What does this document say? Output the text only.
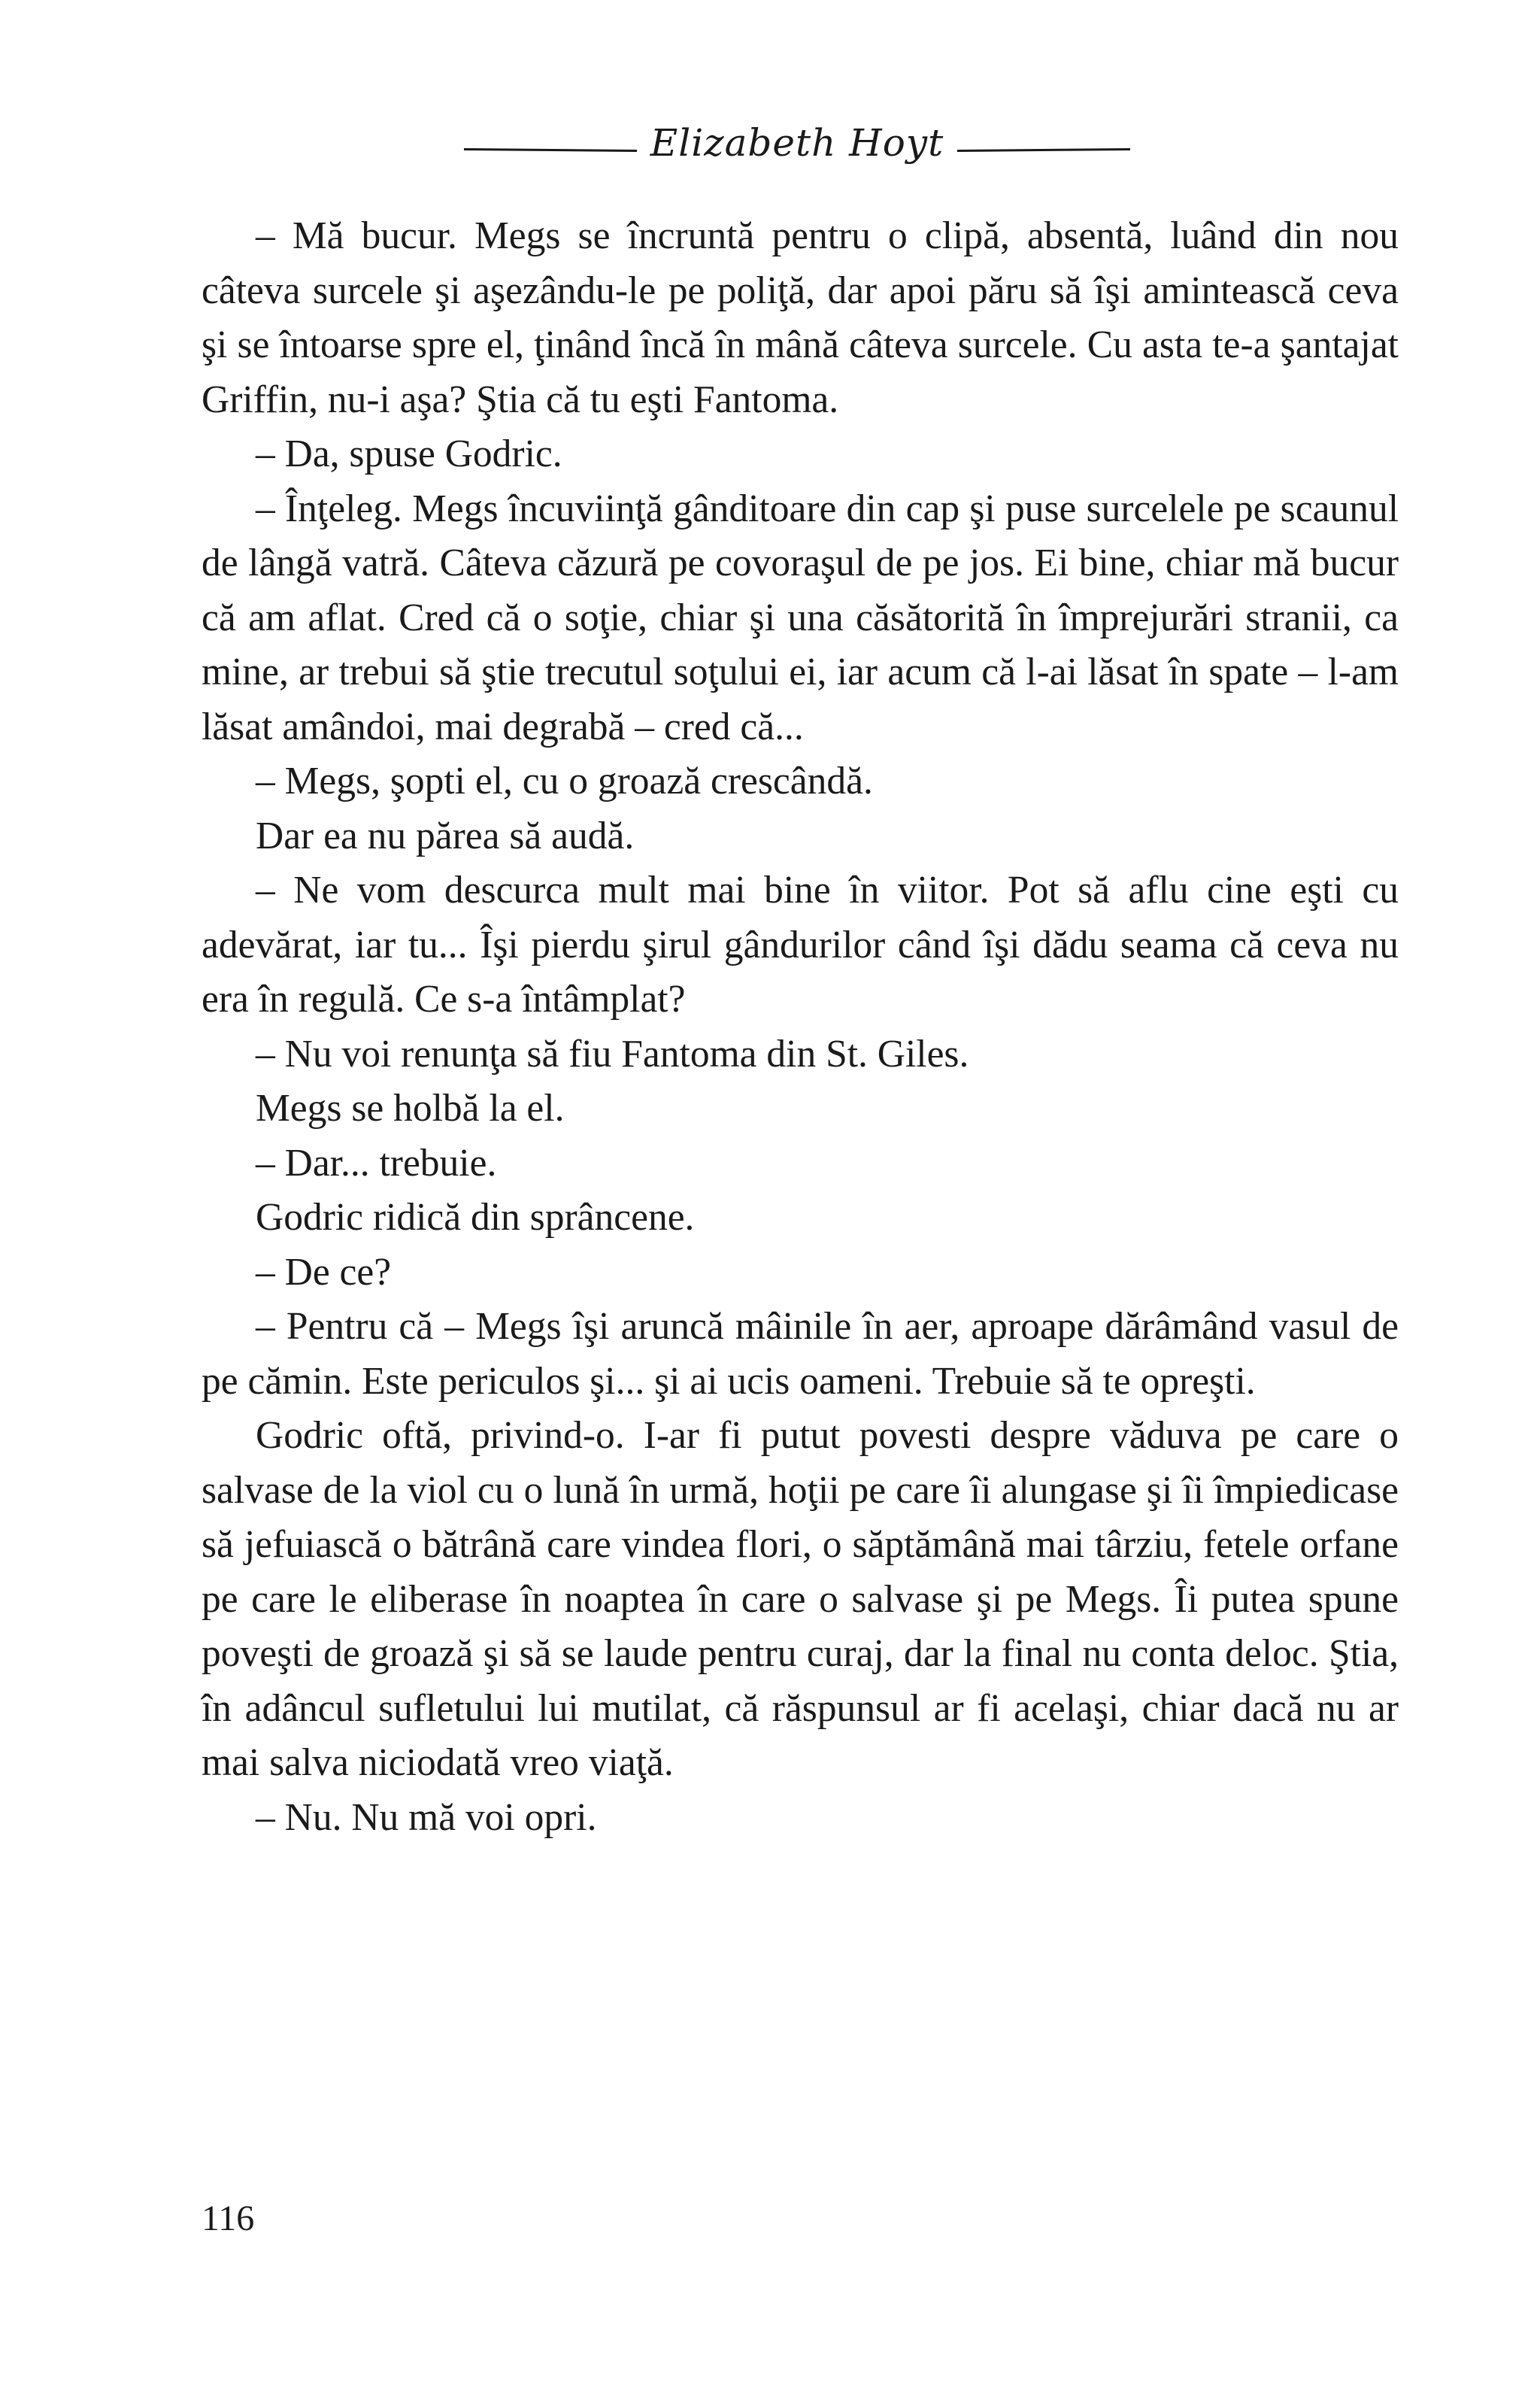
Elizabeth Hoyt

– Mă bucur. Megs se încruntă pentru o clipă, absentă, luând din nou câteva surcele şi aşezându-le pe poliţă, dar apoi păru să îşi amintească ceva şi se întoarse spre el, ţinând încă în mână câteva surcele. Cu asta te-a şantajat Griffin, nu-i aşa? Ştia că tu eşti Fantoma.

– Da, spuse Godric.

– Înţeleg. Megs încuviinţă gânditoare din cap şi puse surcelele pe scaunul de lângă vatră. Câteva căzură pe covoraşul de pe jos. Ei bine, chiar mă bucur că am aflat. Cred că o soţie, chiar şi una căsătorită în împrejurări stranii, ca mine, ar trebui să ştie trecutul soţului ei, iar acum că l-ai lăsat în spate – l-am lăsat amândoi, mai degrabă – cred că...

– Megs, şopti el, cu o groază crescândă.

Dar ea nu părea să audă.

– Ne vom descurca mult mai bine în viitor. Pot să aflu cine eşti cu adevărat, iar tu... Îşi pierdu şirul gândurilor când îşi dădu seama că ceva nu era în regulă. Ce s-a întâmplat?

– Nu voi renunţa să fiu Fantoma din St. Giles.

Megs se holbă la el.

– Dar... trebuie.

Godric ridică din sprâncene.

– De ce?

– Pentru că – Megs îşi aruncă mâinile în aer, aproape dărâmând vasul de pe cămin. Este periculos şi... şi ai ucis oameni. Trebuie să te opreşti.

Godric oftă, privind-o. I-ar fi putut povesti despre văduva pe care o salvase de la viol cu o lună în urmă, hoţii pe care îi alungase şi îi împiedicase să jefuiască o bătrână care vindea flori, o săptămână mai târziu, fetele orfane pe care le eliberase în noaptea în care o salvase şi pe Megs. Îi putea spune poveşti de groază şi să se laude pentru curaj, dar la final nu conta deloc. Ştia, în adâncul sufletului lui mutilat, că răspunsul ar fi acelaşi, chiar dacă nu ar mai salva niciodată vreo viaţă.

– Nu. Nu mă voi opri.

116
